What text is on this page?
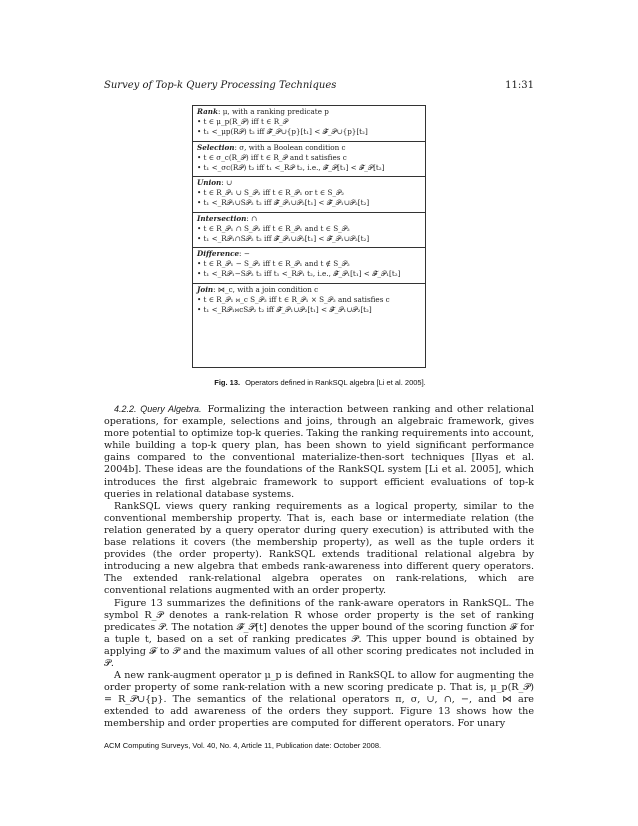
Survey of Top-k Query Processing Techniques	11:31
Rank: μ, with a ranking predicate p
• t ∈ μ_p(R_𝒫) iff t ∈ R_𝒫
• t₁ <_μp(R𝒫) t₂ iff 𝓕̄_𝒫∪{p}[t₁] < 𝓕̄_𝒫∪{p}[t₂]
Selection: σ, with a Boolean condition c
• t ∈ σ_c(R_𝒫) iff t ∈ R_𝒫 and t satisfies c
• t₁ <_σc(R𝒫) t₂ iff t₁ <_R𝒫 t₂, i.e., 𝓕̄_𝒫[t₁] < 𝓕̄_𝒫[t₂]
Union: ∪
• t ∈ R_𝒫₁ ∪ S_𝒫₂ iff t ∈ R_𝒫₁ or t ∈ S_𝒫₂
• t₁ <_R𝒫₁∪S𝒫₂ t₂ iff 𝓕̄_𝒫₁∪𝒫₂[t₁] < 𝓕̄_𝒫₁∪𝒫₂[t₂]
Intersection: ∩
• t ∈ R_𝒫₁ ∩ S_𝒫₂ iff t ∈ R_𝒫₁ and t ∈ S_𝒫₂
• t₁ <_R𝒫₁∩S𝒫₂ t₂ iff 𝓕̄_𝒫₁∪𝒫₂[t₁] < 𝓕̄_𝒫₁∪𝒫₂[t₂]
Difference: −
• t ∈ R_𝒫₁ − S_𝒫₂ iff t ∈ R_𝒫₁ and t ∉ S_𝒫₂
• t₁ <_R𝒫₁−S𝒫₂ t₂ iff t₁ <_R𝒫₁ t₂, i.e., 𝓕̄_𝒫₁[t₁] < 𝓕̄_𝒫₁[t₂]
Join: ⋈_c, with a join condition c
• t ∈ R_𝒫₁ ⋈_c S_𝒫₂ iff t ∈ R_𝒫₁ × S_𝒫₂ and satisfies c
• t₁ <_R𝒫₁⋈cS𝒫₂ t₂ iff 𝓕̄_𝒫₁∪𝒫₂[t₁] < 𝓕̄_𝒫₁∪𝒫₂[t₂]
Fig. 13. Operators defined in RankSQL algebra [Li et al. 2005].

4.2.2. Query Algebra. Formalizing the interaction between ranking and other relational operations, for example, selections and joins, through an algebraic framework, gives more potential to optimize top-k queries. Taking the ranking requirements into account, while building a top-k query plan, has been shown to yield significant performance gains compared to the conventional materialize-then-sort techniques [Ilyas et al. 2004b]. These ideas are the foundations of the RankSQL system [Li et al. 2005], which introduces the first algebraic framework to support efficient evaluations of top-k queries in relational database systems.

RankSQL views query ranking requirements as a logical property, similar to the conventional membership property. That is, each base or intermediate relation (the relation generated by a query operator during query execution) is attributed with the base relations it covers (the membership property), as well as the tuple orders it provides (the order property). RankSQL extends traditional relational algebra by introducing a new algebra that embeds rank-awareness into different query operators. The extended rank-relational algebra operates on rank-relations, which are conventional relations augmented with an order property.

Figure 13 summarizes the definitions of the rank-aware operators in RankSQL. The symbol R_𝒫 denotes a rank-relation R whose order property is the set of ranking predicates 𝒫. The notation 𝓕̄_𝒫[t] denotes the upper bound of the scoring function 𝓕 for a tuple t, based on a set of ranking predicates 𝒫. This upper bound is obtained by applying 𝓕 to 𝒫 and the maximum values of all other scoring predicates not included in 𝒫.

A new rank-augment operator μ_p is defined in RankSQL to allow for augmenting the order property of some rank-relation with a new scoring predicate p. That is, μ_p(R_𝒫) = R_𝒫∪{p}. The semantics of the relational operators π, σ, ∪, ∩, −, and ⋈ are extended to add awareness of the orders they support. Figure 13 shows how the membership and order properties are computed for different operators. For unary

ACM Computing Surveys, Vol. 40, No. 4, Article 11, Publication date: October 2008.
